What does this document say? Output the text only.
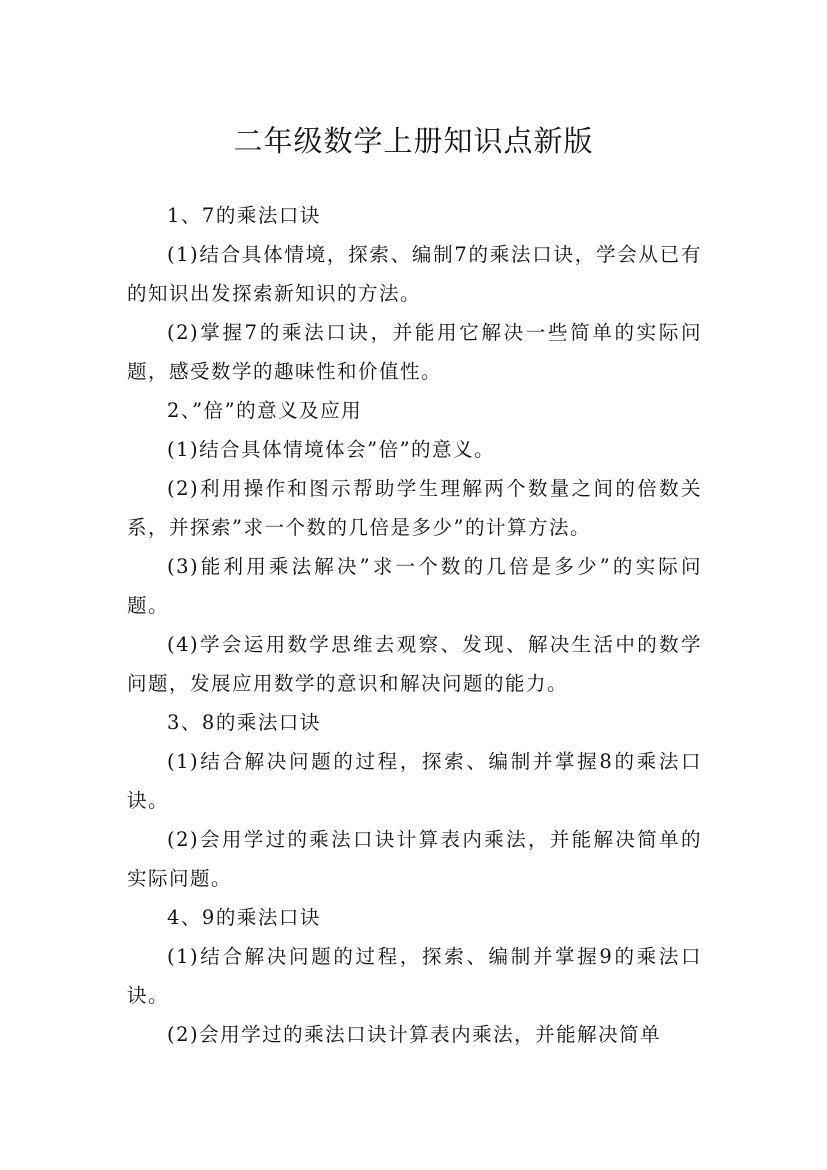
二年级数学上册知识点新版

1、7的乘法口诀

(1)结合具体情境，探索、编制7的乘法口诀，学会从已有的知识出发探索新知识的方法。

(2)掌握7的乘法口诀，并能用它解决一些简单的实际问题，感受数学的趣味性和价值性。

2、”倍”的意义及应用

(1)结合具体情境体会”倍”的意义。

(2)利用操作和图示帮助学生理解两个数量之间的倍数关系，并探索”求一个数的几倍是多少”的计算方法。

(3)能利用乘法解决”求一个数的几倍是多少”的实际问题。

(4)学会运用数学思维去观察、发现、解决生活中的数学问题，发展应用数学的意识和解决问题的能力。

3、8的乘法口诀

(1)结合解决问题的过程，探索、编制并掌握8的乘法口诀。

(2)会用学过的乘法口诀计算表内乘法，并能解决简单的实际问题。

4、9的乘法口诀

(1)结合解决问题的过程，探索、编制并掌握9的乘法口诀。

(2)会用学过的乘法口诀计算表内乘法，并能解决简单
